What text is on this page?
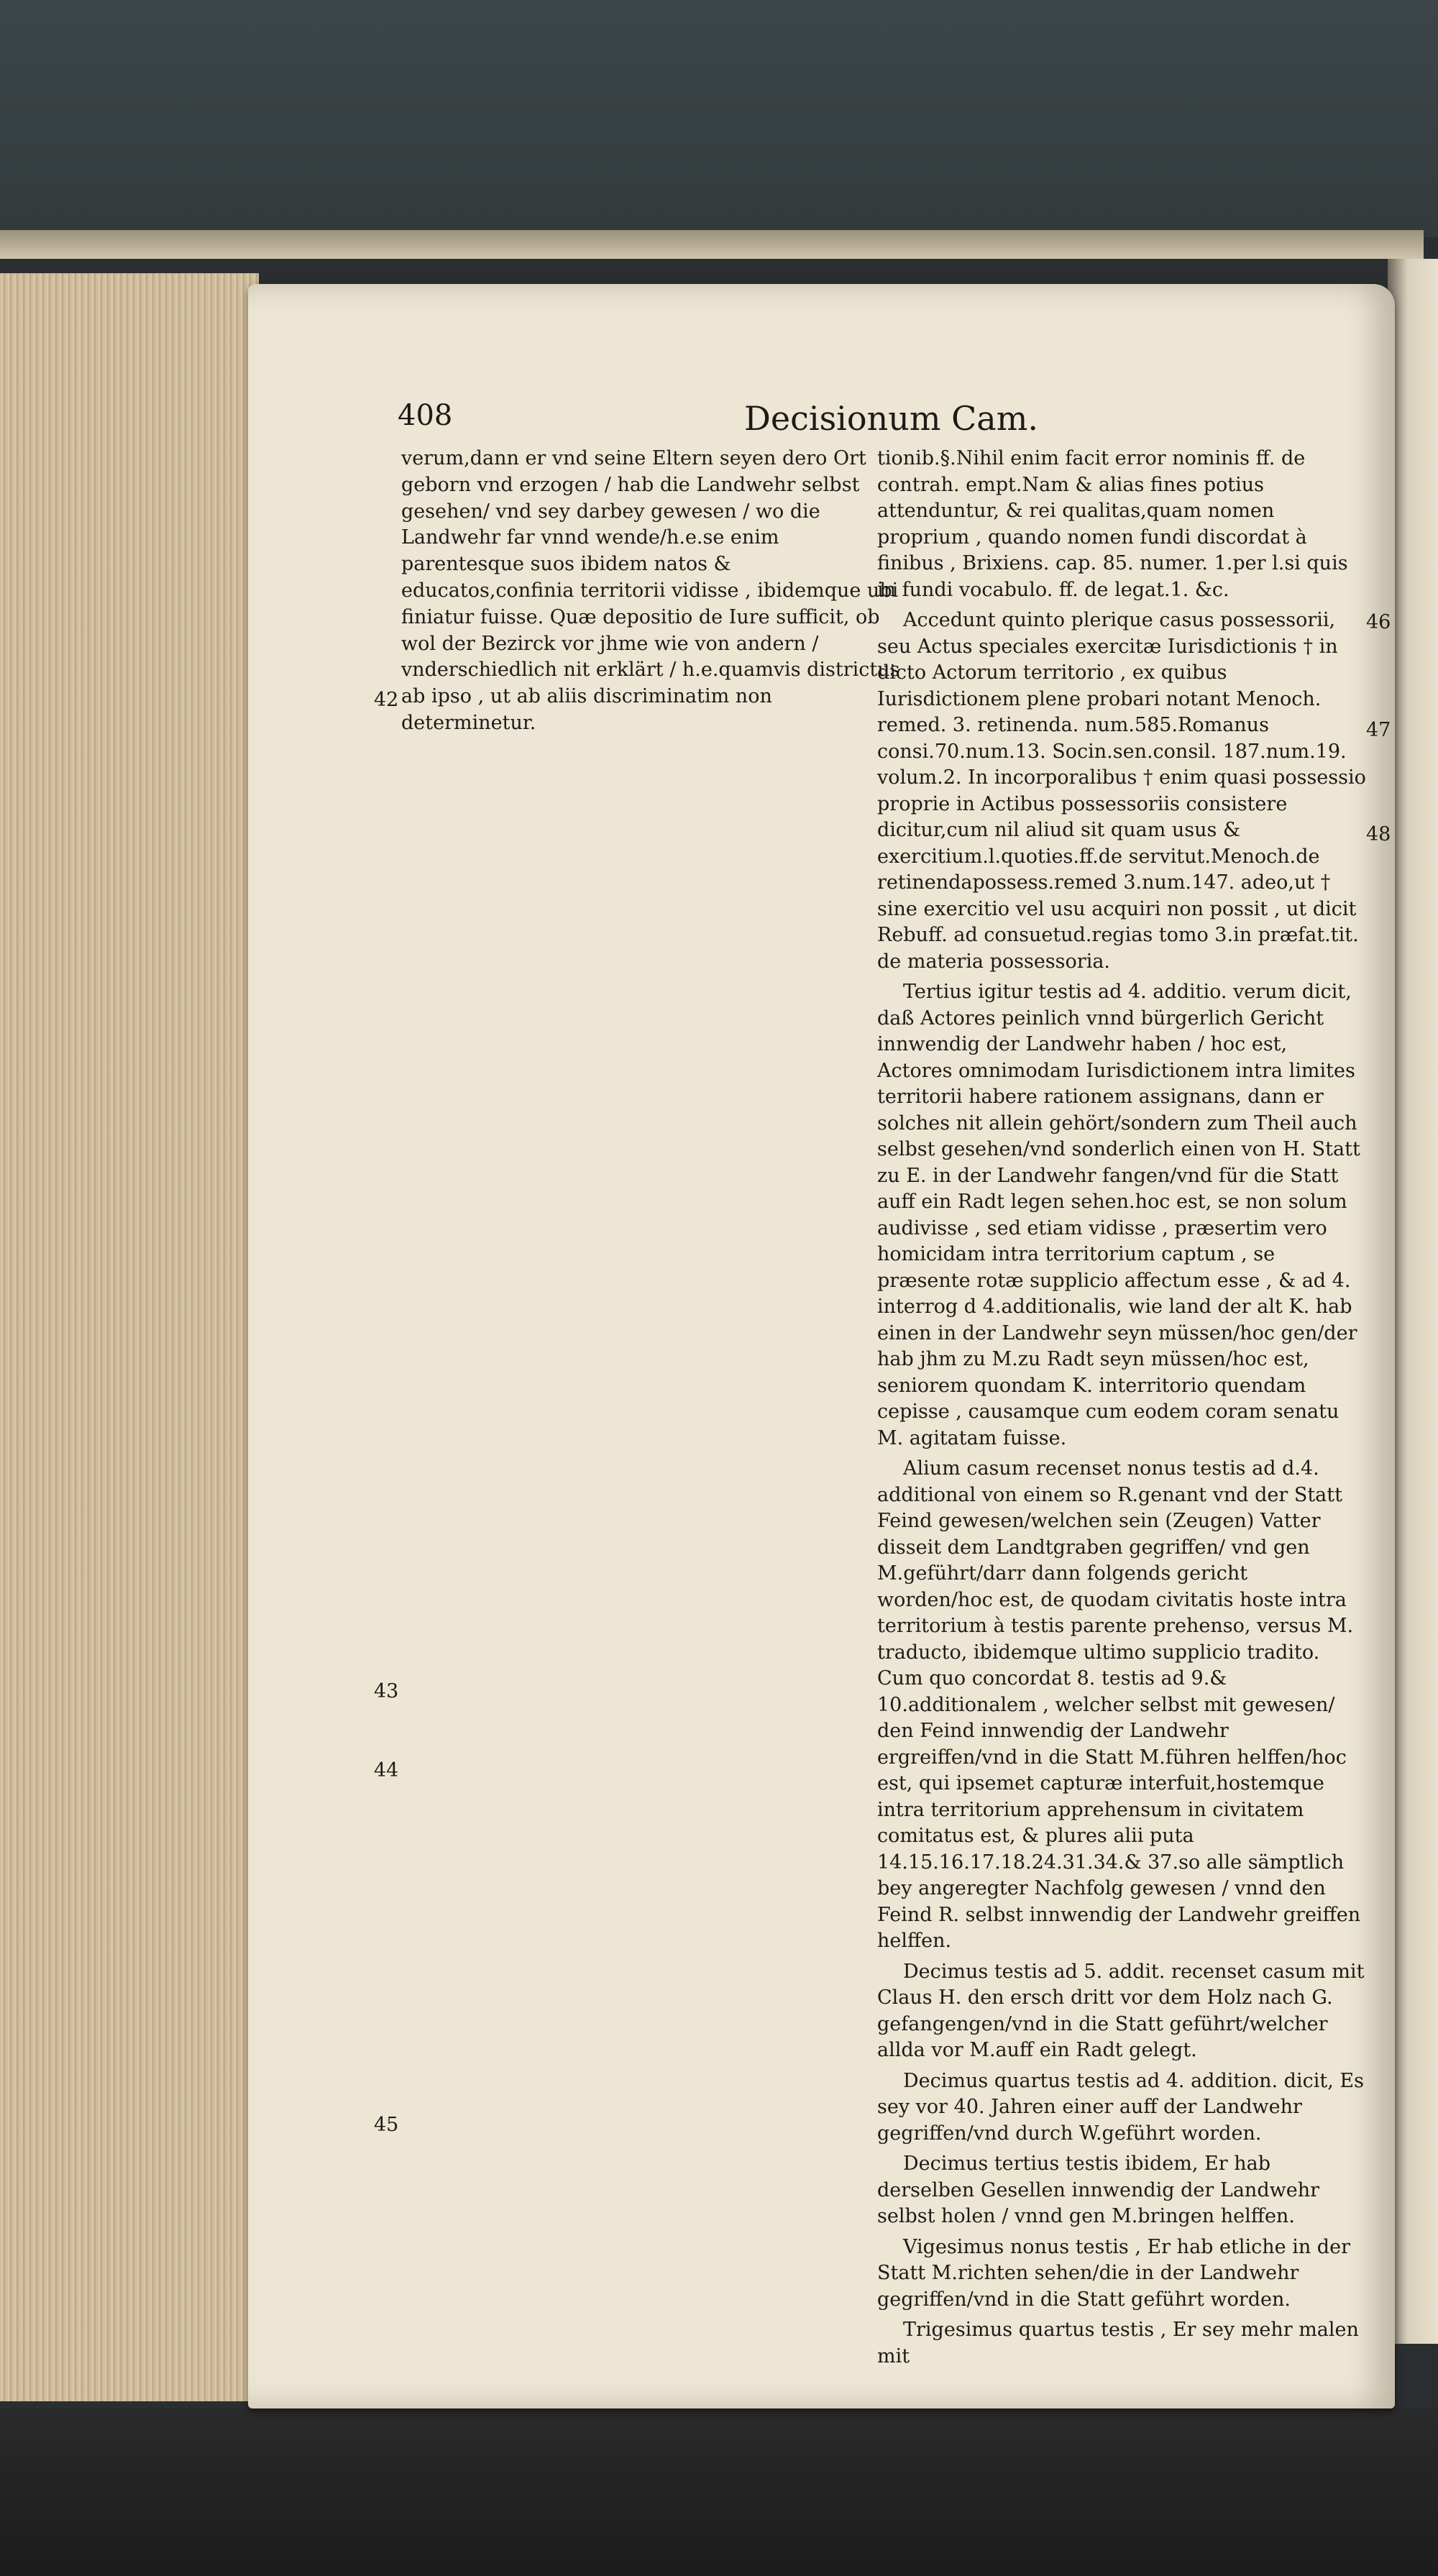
408	Decisionum Cam.

verum,dann er vnd seine Eltern seyen dero Ort geborn vnd erzogen / hab die Landwehr selbst gesehen/ vnd sey darbey gewesen / wo die Landwehr far vnnd wende/h.e.se enim parentesque suos ibidem natos & educatos,confinia territorii vidisse , ibidemque ubi finiatur fuisse. Quæ depositio de Iure sufficit, ob wol der Bezirck vor jhme wie von andern / vnderschiedlich nit erklärt / h.e.quamvis districtus ab ipso , ut ab aliis discriminatim non determinetur.

tionib.§.Nihil enim facit error nominis ff. de contrah. empt.Nam & alias fines potius attenduntur, & rei qualitas,quam nomen proprium , quando nomen fundi discordat à finibus , Brixiens. cap. 85. numer. 1.per l.si quis in fundi vocabulo. ff. de legat.1. &c.

Accedunt quinto plerique casus possessorii, seu Actus speciales exercitæ Iurisdictionis † in dicto Actorum territorio , ex quibus Iurisdictionem plene probari notant Menoch. remed. 3. retinenda. num.585.Romanus consi.70.num.13. Socin.sen.consil. 187.num.19. volum.2. In incorporalibus † enim quasi possessio proprie in Actibus possessoriis consistere dicitur,cum nil aliud sit quam usus & exercitium.l.quoties.ff.de servitut.Menoch.de retinendapossess.remed 3.num.147. adeo,ut † sine exercitio vel usu acquiri non possit , ut dicit Rebuff. ad consuetud.regias tomo 3.in præfat.tit. de materia possessoria.

Tertius igitur testis ad 4. additio. verum dicit, daß Actores peinlich vnnd bürgerlich Gericht innwendig der Landwehr haben / hoc est, Actores omnimodam Iurisdictionem intra limites territorii habere rationem assignans, dann er solches nit allein gehört/sondern zum Theil auch selbst gesehen/vnd sonderlich einen von H. Statt zu E. in der Landwehr fangen/vnd für die Statt auff ein Radt legen sehen.hoc est, se non solum audivisse , sed etiam vidisse , præsertim vero homicidam intra territorium captum , se præsente rotæ supplicio affectum esse , & ad 4. interrog d 4.additionalis, wie land der alt K. hab einen in der Landwehr seyn müssen/hoc gen/der hab jhm zu M.zu Radt seyn müssen/hoc est, seniorem quondam K. interritorio quendam cepisse , causamque cum eodem coram senatu M. agitatam fuisse.

Alium casum recenset nonus testis ad d.4. additional von einem so R.genant vnd der Statt Feind gewesen/welchen sein (Zeugen) Vatter disseit dem Landtgraben gegriffen/ vnd gen M.geführt/darr dann folgends gericht worden/hoc est, de quodam civitatis hoste intra territorium à testis parente prehenso, versus M. traducto, ibidemque ultimo supplicio tradito. Cum quo concordat 8. testis ad 9.& 10.additionalem , welcher selbst mit gewesen/ den Feind innwendig der Landwehr ergreiffen/vnd in die Statt M.führen helffen/hoc est, qui ipsemet capturæ interfuit,hostemque intra territorium apprehensum in civitatem comitatus est, & plures alii puta 14.15.16.17.18.24.31.34.& 37.so alle sämptlich bey angeregter Nachfolg gewesen / vnnd den Feind R. selbst innwendig der Landwehr greiffen helffen.

Decimus testis ad 5. addit. recenset casum mit Claus H. den ersch dritt vor dem Holz nach G. gefangengen/vnd in die Statt geführt/welcher allda vor M.auff ein Radt gelegt.

Decimus quartus testis ad 4. addition. dicit, Es sey vor 40. Jahren einer auff der Landwehr gegriffen/vnd durch W.geführt worden.

Decimus tertius testis ibidem, Er hab derselben Gesellen innwendig der Landwehr selbst holen / vnnd gen M.bringen helffen.

Vigesimus nonus testis , Er hab etliche in der Statt M.richten sehen/die in der Landwehr gegriffen/vnd in die Statt geführt worden.

Trigesimus quartus testis , Er sey mehr malen mit

42
43
44
45
46
47
48
